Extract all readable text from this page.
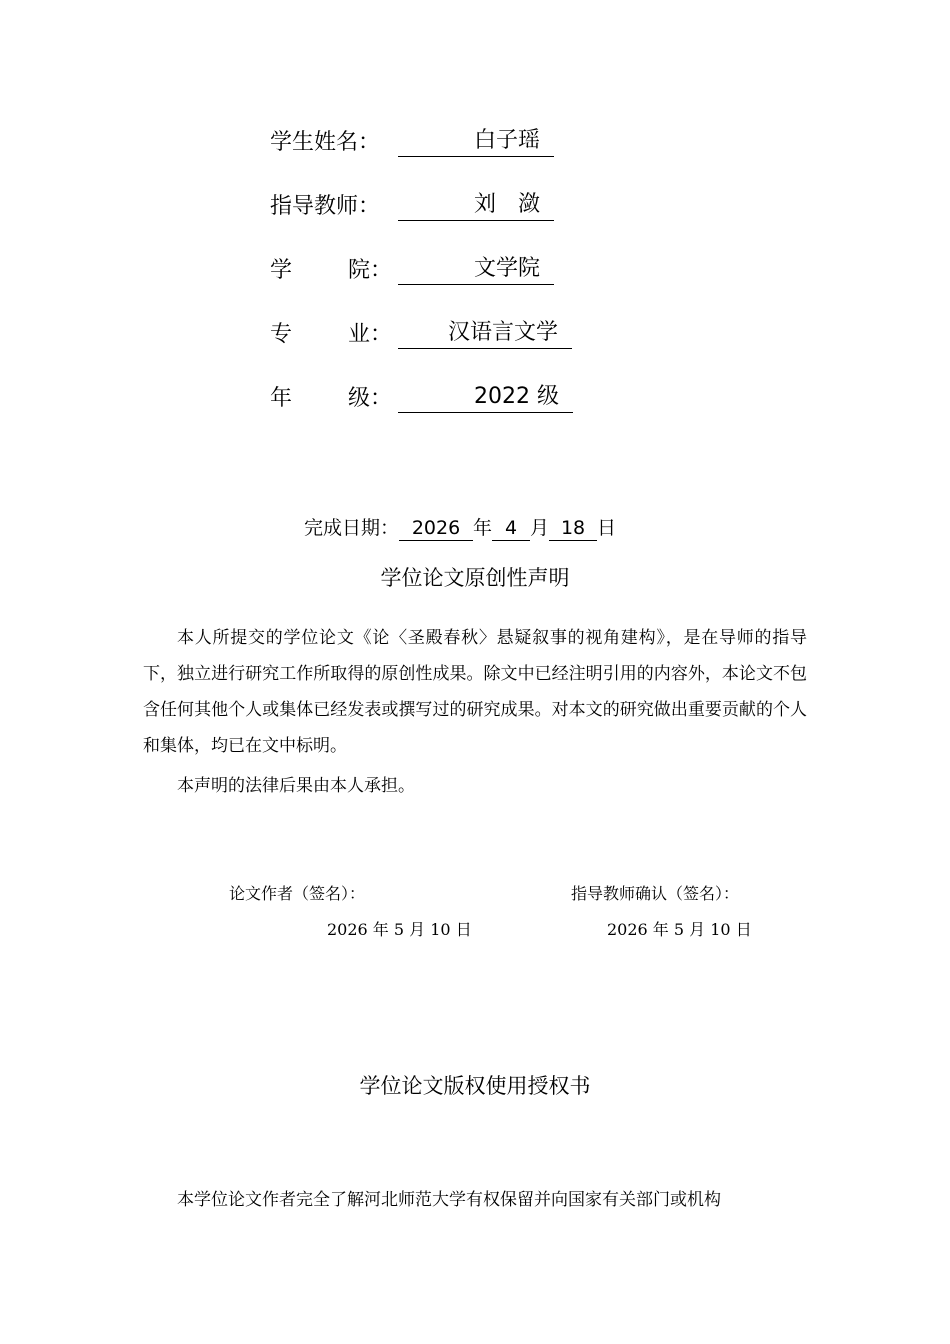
学生姓名：	白子瑶
指导教师：	刘　潋
学	院：	文学院
专	业：	汉语言文学
年	级：	2022 级
完成日期： 2026 年 4 月 18 日
学位论文原创性声明

本人所提交的学位论文《论〈圣殿春秋〉悬疑叙事的视角建构》，是在导师的指导下，独立进行研究工作所取得的原创性成果。除文中已经注明引用的内容外，本论文不包含任何其他个人或集体已经发表或撰写过的研究成果。对本文的研究做出重要贡献的个人和集体，均已在文中标明。

本声明的法律后果由本人承担。

论文作者（签名）：	指导教师确认（签名）：
2026 年 5 月 10 日	2026 年 5 月 10 日
学位论文版权使用授权书

本学位论文作者完全了解河北师范大学有权保留并向国家有关部门或机构
